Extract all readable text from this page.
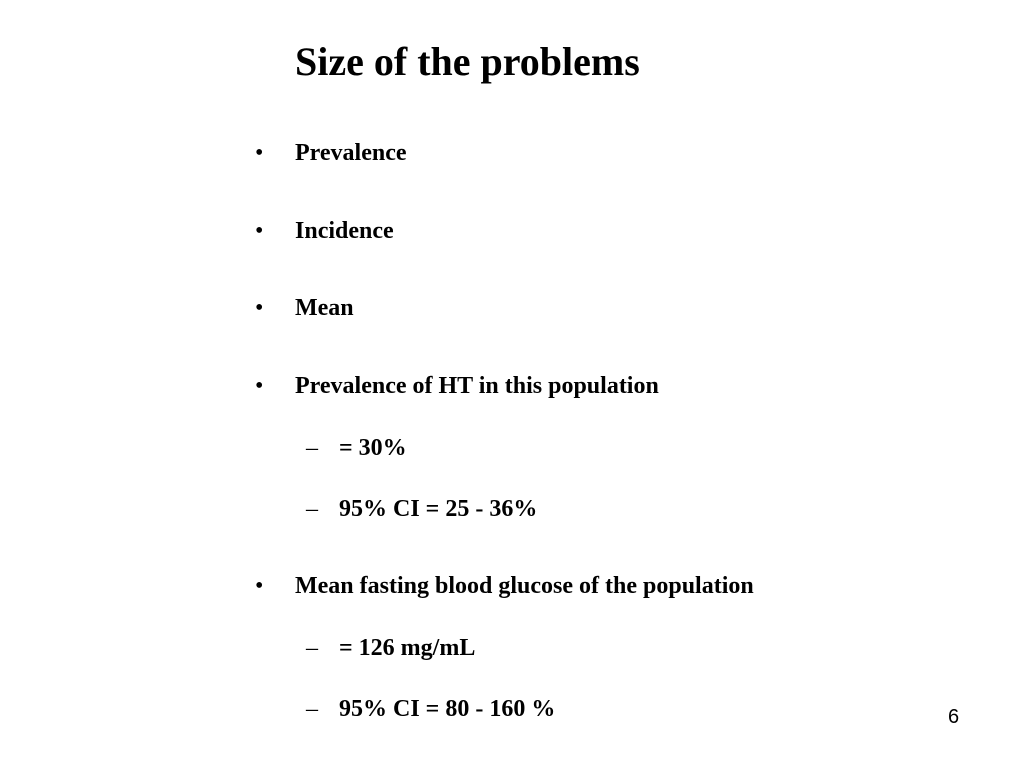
Size of the problems
• Prevalence
• Incidence
• Mean
• Prevalence of HT in this population
– = 30%
– 95% CI = 25 - 36%
• Mean fasting blood glucose of the population
– = 126 mg/mL
– 95% CI = 80 - 160 %	6
